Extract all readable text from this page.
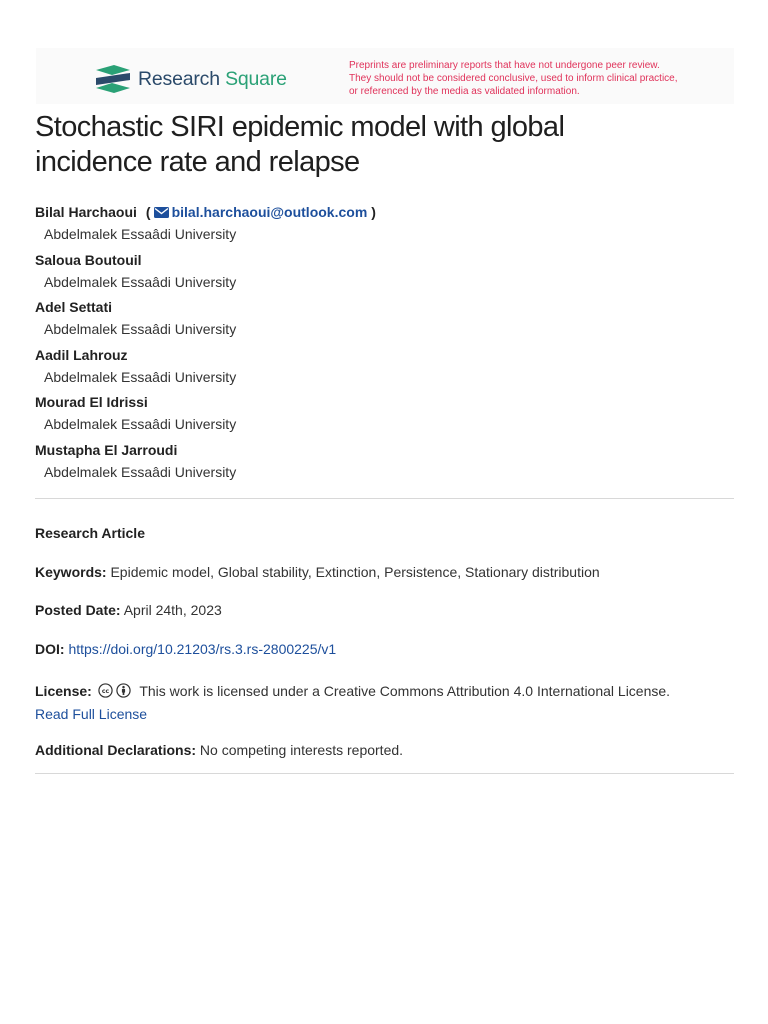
Research Square
Preprints are preliminary reports that have not undergone peer review.
They should not be considered conclusive, used to inform clinical practice,
or referenced by the media as validated information.
Stochastic SIRI epidemic model with global
incidence rate and relapse
Bilal Harchaoui ( bilal.harchaoui@outlook.com )
Abdelmalek Essaâdi University
Saloua Boutouil
Abdelmalek Essaâdi University
Adel Settati
Abdelmalek Essaâdi University
Aadil Lahrouz
Abdelmalek Essaâdi University
Mourad El Idrissi
Abdelmalek Essaâdi University
Mustapha El Jarroudi
Abdelmalek Essaâdi University
Research Article
Keywords: Epidemic model, Global stability, Extinction, Persistence, Stationary distribution
Posted Date: April 24th, 2023
DOI: https://doi.org/10.21203/rs.3.rs-2800225/v1
License: cc This work is licensed under a Creative Commons Attribution 4.0 International License.
Read Full License
Additional Declarations: No competing interests reported.
